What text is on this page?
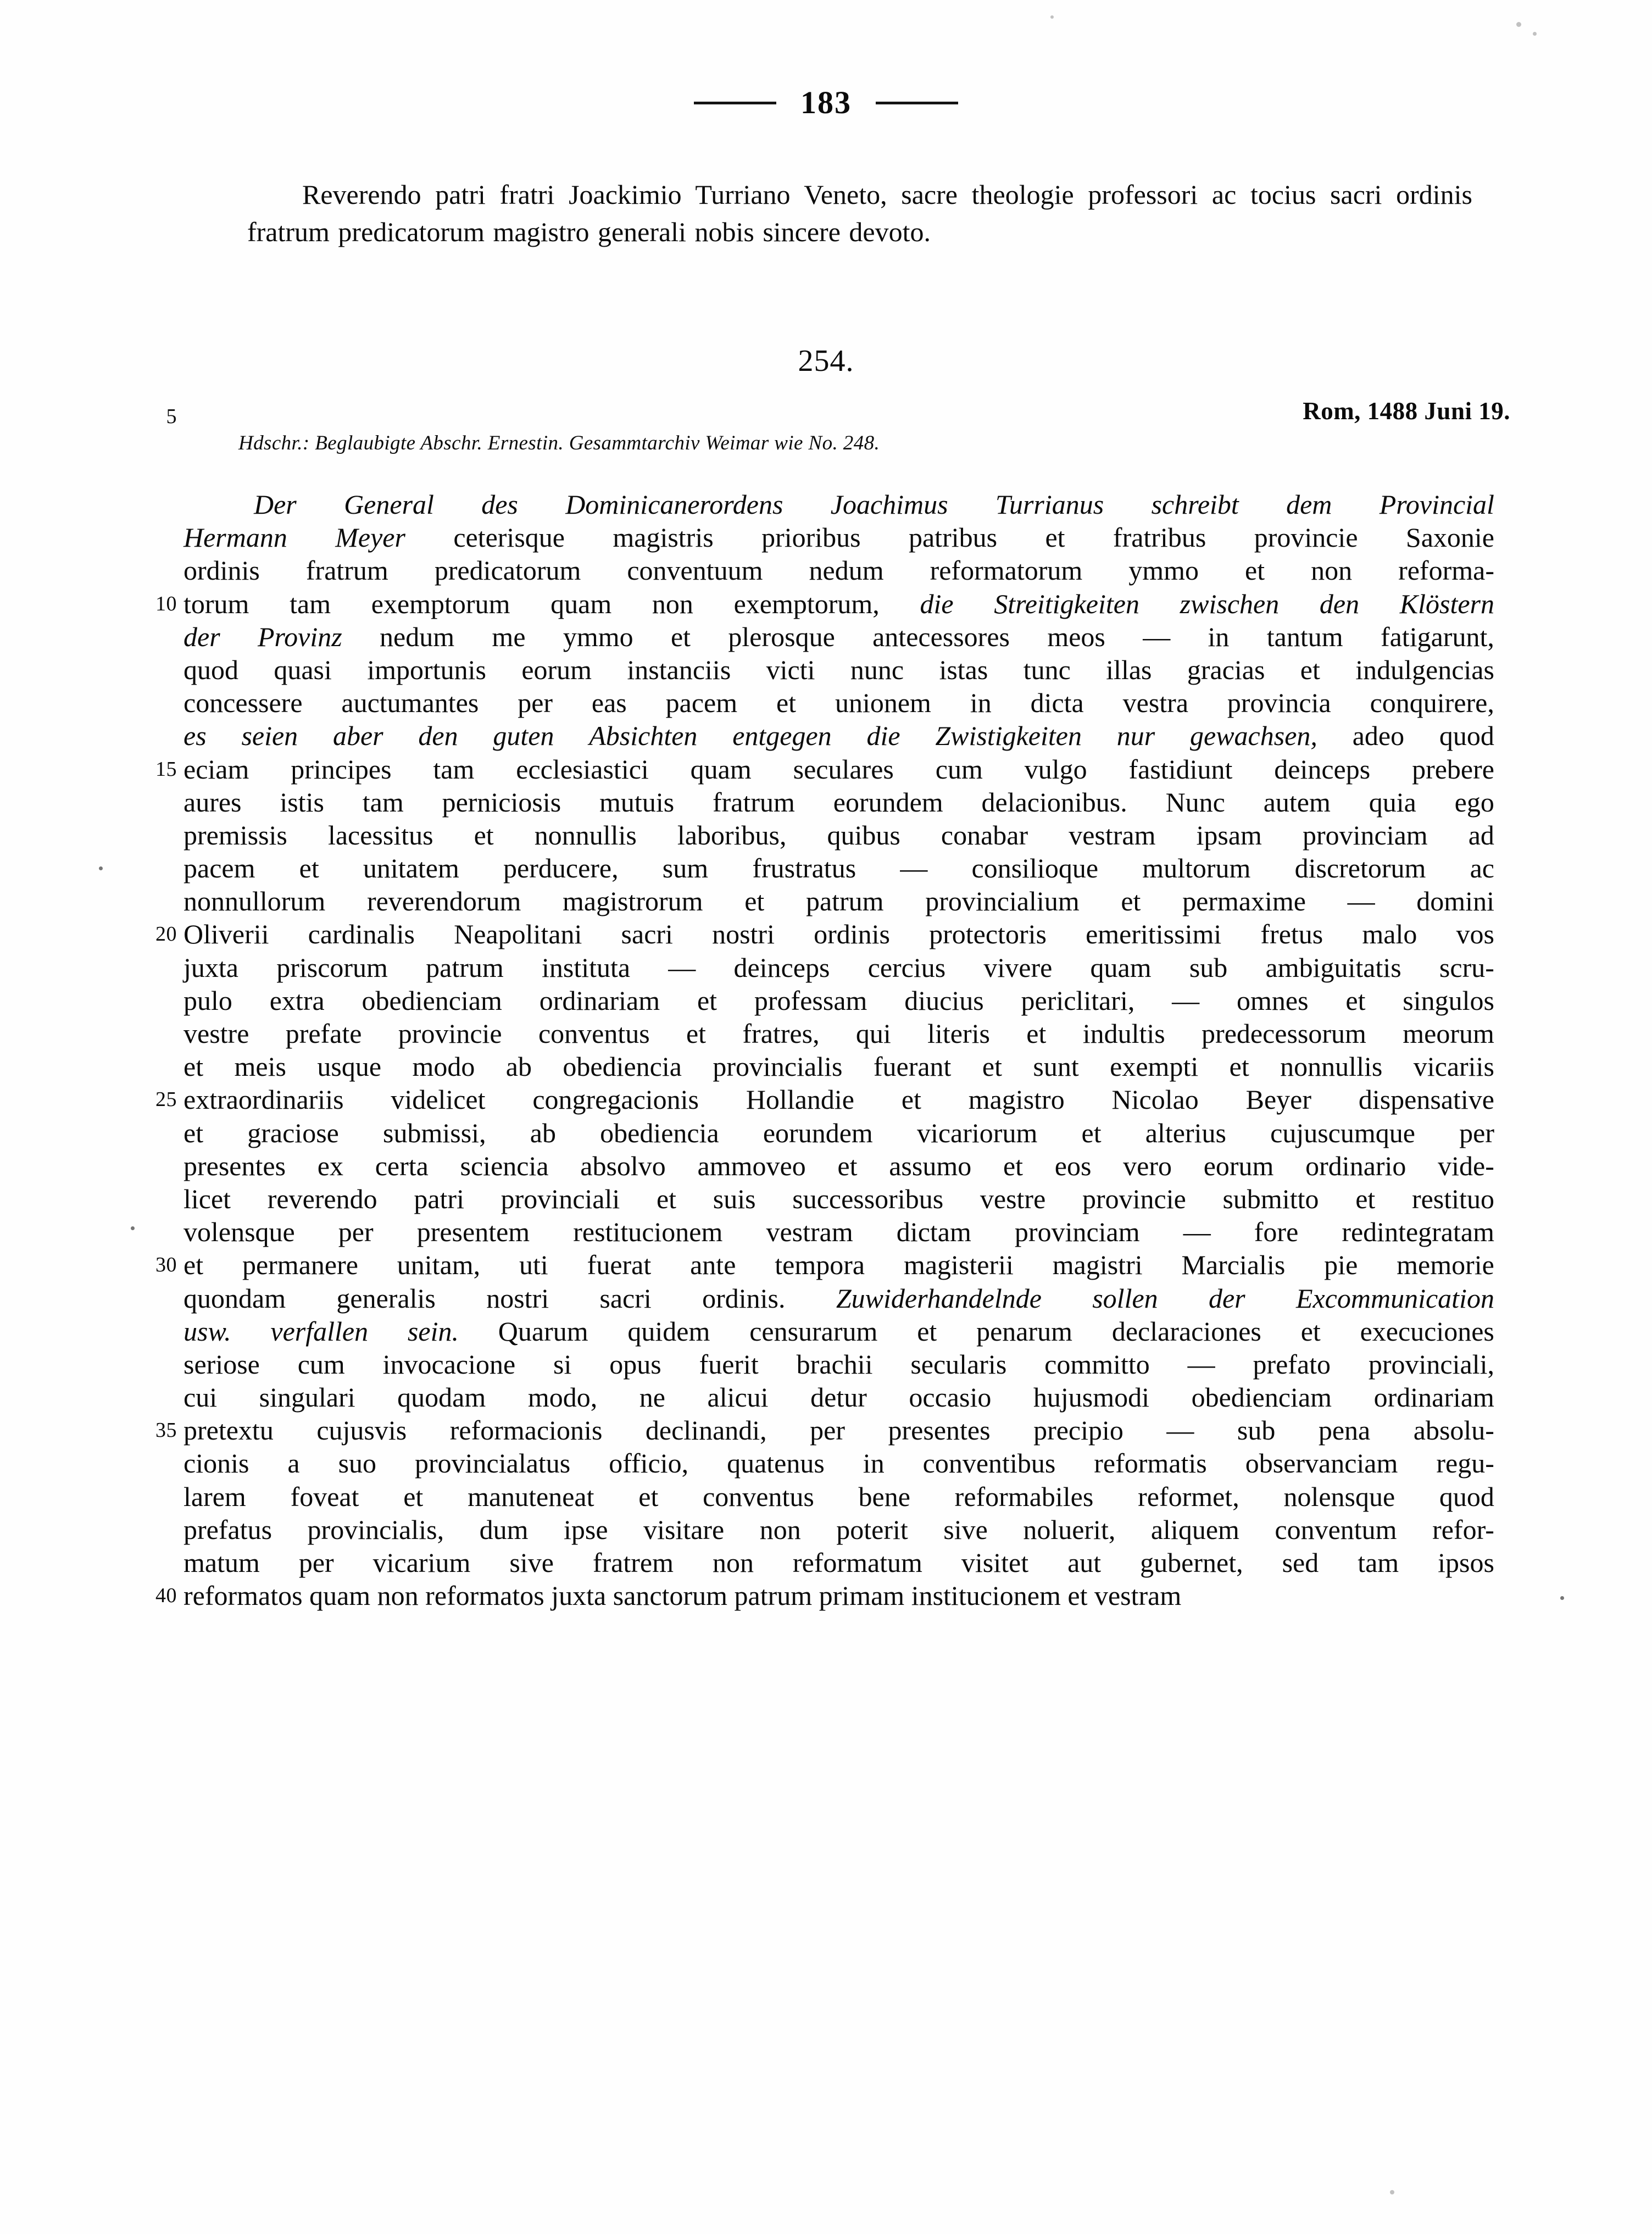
183
Reverendo patri fratri Joackimio Turriano Veneto, sacre theologie professori ac tocius sacri ordinis fratrum predicatorum magistro generali nobis sincere devoto.
254.
Rom, 1488 Juni 19.
Hdschr.: Beglaubigte Abschr. Ernestin. Gesammtarchiv Weimar wie No. 248.
5
Der General des Dominicanerordens Joachimus Turrianus schreibt dem Provincial
Hermann Meyer ceterisque magistris prioribus patribus et fratribus provincie Saxonie
ordinis fratrum predicatorum conventuum nedum reformatorum ymmo et non reforma-
10 torum tam exemptorum quam non exemptorum, die Streitigkeiten zwischen den Klöstern
der Provinz nedum me ymmo et plerosque antecessores meos — in tantum fatigarunt,
quod quasi importunis eorum instanciis victi nunc istas tunc illas gracias et indulgencias
concessere auctumantes per eas pacem et unionem in dicta vestra provincia conquirere,
es seien aber den guten Absichten entgegen die Zwistigkeiten nur gewachsen, adeo quod
15 eciam principes tam ecclesiastici quam seculares cum vulgo fastidiunt deinceps prebere
aures istis tam perniciosis mutuis fratrum eorundem delacionibus. Nunc autem quia ego
premissis lacessitus et nonnullis laboribus, quibus conabar vestram ipsam provinciam ad
pacem et unitatem perducere, sum frustratus — consilioque multorum discretorum ac
nonnullorum reverendorum magistrorum et patrum provincialium et permaxime — domini
20 Oliverii cardinalis Neapolitani sacri nostri ordinis protectoris emeritissimi fretus malo vos
juxta priscorum patrum instituta — deinceps cercius vivere quam sub ambiguitatis scru-
pulo extra obedienciam ordinariam et professam diucius periclitari, — omnes et singulos
vestre prefate provincie conventus et fratres, qui literis et indultis predecessorum meorum
et meis usque modo ab obediencia provincialis fuerant et sunt exempti et nonnullis vicariis
25 extraordinariis videlicet congregacionis Hollandie et magistro Nicolao Beyer dispensative
et graciose submissi, ab obediencia eorundem vicariorum et alterius cujuscumque per
presentes ex certa sciencia absolvo ammoveo et assumo et eos vero eorum ordinario vide-
licet reverendo patri provinciali et suis successoribus vestre provincie submitto et restituo
volensque per presentem restitucionem vestram dictam provinciam — fore redintegratam
30 et permanere unitam, uti fuerat ante tempora magisterii magistri Marcialis pie memorie
quondam generalis nostri sacri ordinis. Zuwiderhandelnde sollen der Excommunication
usw. verfallen sein. Quarum quidem censurarum et penarum declaraciones et execuciones
seriose cum invocacione si opus fuerit brachii secularis committo — prefato provinciali,
cui singulari quodam modo, ne alicui detur occasio hujusmodi obedienciam ordinariam
35 pretextu cujusvis reformacionis declinandi, per presentes precipio — sub pena absolu-
cionis a suo provincialatus officio, quatenus in conventibus reformatis observanciam regu-
larem foveat et manuteneat et conventus bene reformabiles reformet, nolensque quod
prefatus provincialis, dum ipse visitare non poterit sive noluerit, aliquem conventum refor-
matum per vicarium sive fratrem non reformatum visitet aut gubernet, sed tam ipsos
40 reformatos quam non reformatos juxta sanctorum patrum primam institucionem et vestram
